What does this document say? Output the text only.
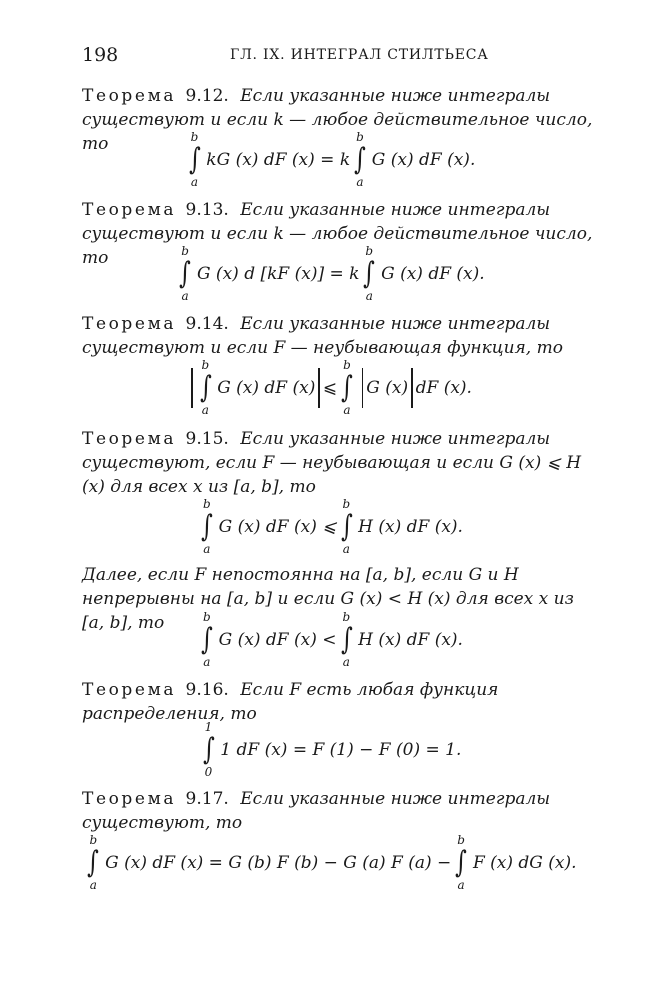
198	ГЛ. IX. ИНТЕГРАЛ СТИЛТЬЕСА

Теорема 9.12. Если указанные ниже интегралы существуют и если k — любое действительное число, то	b
∫
a
kG (x) dF (x) = k
b
∫
a
G (x) dF (x).

Теорема 9.13. Если указанные ниже интегралы существуют и если k — любое действительное число, то	b
∫
a
G (x) d [kF (x)] = k
b
∫
a
G (x) dF (x).

Теорема 9.14. Если указанные ниже интегралы существуют и если F — неубывающая функция, то

b
∫
a
G (x) dF (x) ⩽
b
∫
a
G (x) dF (x).

Теорема 9.15. Если указанные ниже интегралы существуют, если F — неубывающая и если G (x) ⩽ H (x) для всех x из [a, b], то

b
∫
a
G (x) dF (x) ⩽
b
∫
a
H (x) dF (x).

Далее, если F непостоянна на [a, b], если G и H непрерывны на [a, b] и если G (x) < H (x) для всех x из [a, b], то	b
∫
a
G (x) dF (x) <
b
∫
a
H (x) dF (x).

Теорема 9.16. Если F есть любая функция распределения, то

1
∫
0
1 dF (x) = F (1) − F (0) = 1.

Теорема 9.17. Если указанные ниже интегралы существуют, то

b
∫
a
G (x) dF (x) = G (b) F (b) − G (a) F (a) −
b
∫
a
F (x) dG (x).
